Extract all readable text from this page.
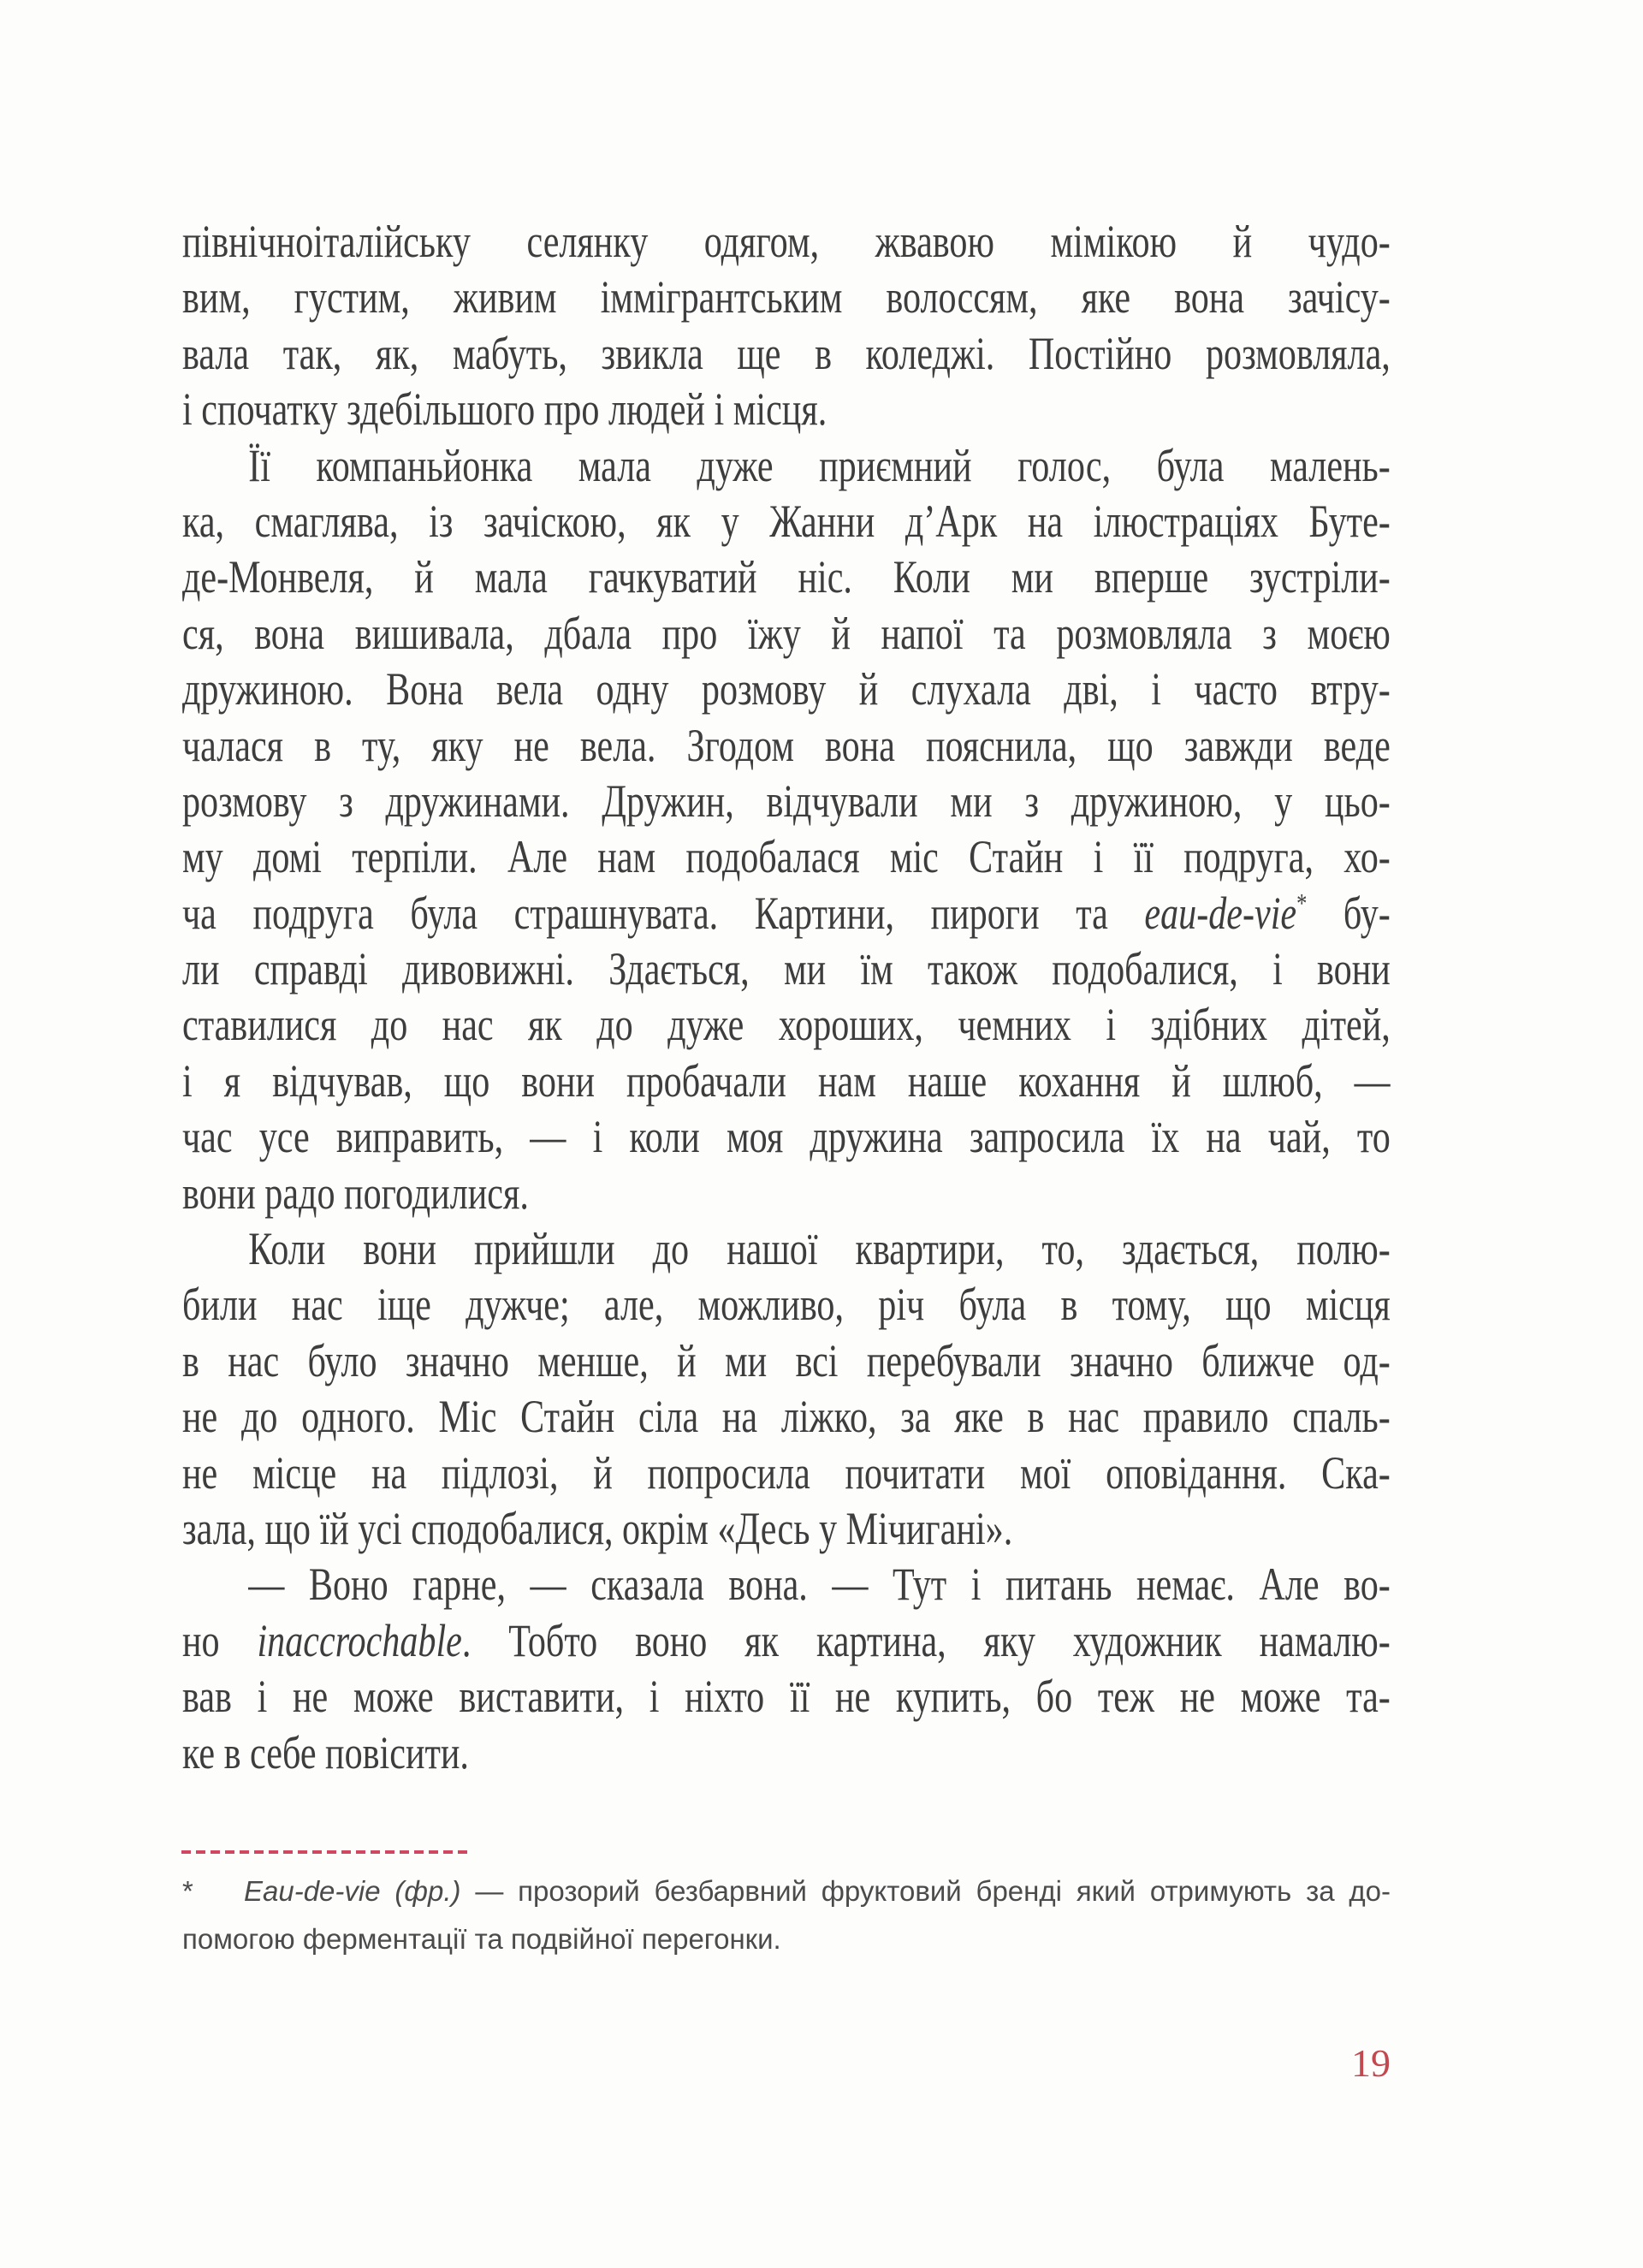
північноіталійську селянку одягом, жвавою мімікою й чудо-
вим, густим, живим іммігрантським волоссям, яке вона зачісу-
вала так, як, мабуть, звикла ще в коледжі. Постійно розмовляла,
і спочатку здебільшого про людей і місця.
Її компаньйонка мала дуже приємний голос, була малень-
ка, смаглява, із зачіскою, як у Жанни д’Арк на ілюстраціях Буте-
де-Монвеля, й мала гачкуватий ніс. Коли ми вперше зустріли-
ся, вона вишивала, дбала про їжу й напої та розмовляла з моєю
дружиною. Вона вела одну розмову й слухала дві, і часто втру-
чалася в ту, яку не вела. Згодом вона пояснила, що завжди веде
розмову з дружинами. Дружин, відчували ми з дружиною, у цьо-
му домі терпіли. Але нам подобалася міс Стайн і її подруга, хо-
ча подруга була страшнувата. Картини, пироги та eau-de-vie* бу-
ли справді дивовижні. Здається, ми їм також подобалися, і вони
ставилися до нас як до дуже хороших, чемних і здібних дітей,
і я відчував, що вони пробачали нам наше кохання й шлюб, —
час усе виправить, — і коли моя дружина запросила їх на чай, то
вони радо погодилися.
Коли вони прийшли до нашої квартири, то, здається, полю-
били нас іще дужче; але, можливо, річ була в тому, що місця
в нас було значно менше, й ми всі перебували значно ближче од-
не до одного. Міс Стайн сіла на ліжко, за яке в нас правило спаль-
не місце на підлозі, й попросила почитати мої оповідання. Ска-
зала, що їй усі сподобалися, окрім «Десь у Мічигані».
— Воно гарне, — сказала вона. — Тут і питань немає. Але во-
но inaccrochable. Тобто воно як картина, яку художник намалю-
вав і не може виставити, і ніхто її не купить, бо теж не може та-
ке в себе повісити.
*	Eau-de-vie (фр.) — прозорий безбарвний фруктовий бренді який отримують за до-
помогою ферментації та подвійної перегонки.
19
